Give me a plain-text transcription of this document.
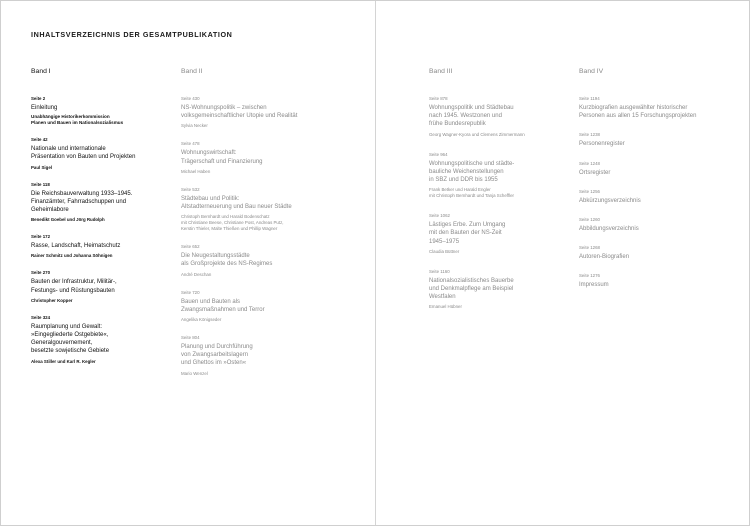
INHALTSVERZEICHNIS DER GESAMTPUBLIKATION
Band I
Seite 2
Einleitung
Unabhängige Historikerkommission
Planen und Bauen im Nationalsozialismus
Seite 42
Nationale und internationale
Präsentation von Bauten und Projekten
Paul Sigel
Seite 118
Die Reichsbauverwaltung 1933–1945.
Finanzämter, Fahrradschuppen und
Geheimlabore
Benedikt Goebel und Jörg Rudolph
Seite 172
Rasse, Landschaft, Heimatschutz
Rainer Schmitz und Johanna Söhnigen
Seite 270
Bauten der Infrastruktur, Militär-,
Festungs- und Rüstungsbauten
Christopher Kopper
Seite 324
Raumplanung und Gewalt:
»Eingegliederte Ostgebiete«,
Generalgouvernement,
besetzte sowjetische Gebiete
Alexa Stiller und Karl R. Kegler
Band II
Seite 430
NS-Wohnungspolitik – zwischen
volksgemeinschaftlicher Utopie und Realität
Sylvia Necker
Seite 478
Wohnungswirtschaft:
Trägerschaft und Finanzierung
Michael Haben
Seite 532
Städtebau und Politik:
Altstadterneuerung und Bau neuer Städte
Christoph Bernhardt und Harald Bodenschatz
mit Christiane Beese, Christiane Post, Andreas Putz,
Kerstin Thieler, Malte Thießen und Phillip Wagner
Seite 652
Die Neugestaltungsstädte
als Großprojekte des NS-Regimes
André Deschan
Seite 720
Bauen und Bauten als
Zwangsmaßnahmen und Terror
Angelika Königseder
Seite 804
Planung und Durchführung
von Zwangsarbeitslagern
und Ghettos im »Osten«
Mario Wenzel
Band III
Seite 878
Wohnungspolitik und Städtebau
nach 1945. Westzonen und
frühe Bundesrepublik
Georg Wagner-Kyora und Clemens Zimmermann
Seite 964
Wohnungspolitische und städte-
bauliche Weichenstellungen
in SBZ und DDR bis 1955
Frank Betker und Harald Engler
mit Christoph Bernhardt und Tanja Scheffler
Seite 1062
Lästiges Erbe. Zum Umgang
mit den Bauten der NS-Zeit
1945–1975
Claudia Büttner
Seite 1160
Nationalsozialistisches Bauerbe
und Denkmalpflege am Beispiel
Westfalen
Emanuel Hübner
Band IV
Seite 1194
Kurzbiografien ausgewählter historischer
Personen aus allen 15 Forschungsprojekten
Seite 1238
Personenregister
Seite 1248
Ortsregister
Seite 1256
Abkürzungsverzeichnis
Seite 1260
Abbildungsverzeichnis
Seite 1268
Autoren-Biografien
Seite 1276
Impressum
